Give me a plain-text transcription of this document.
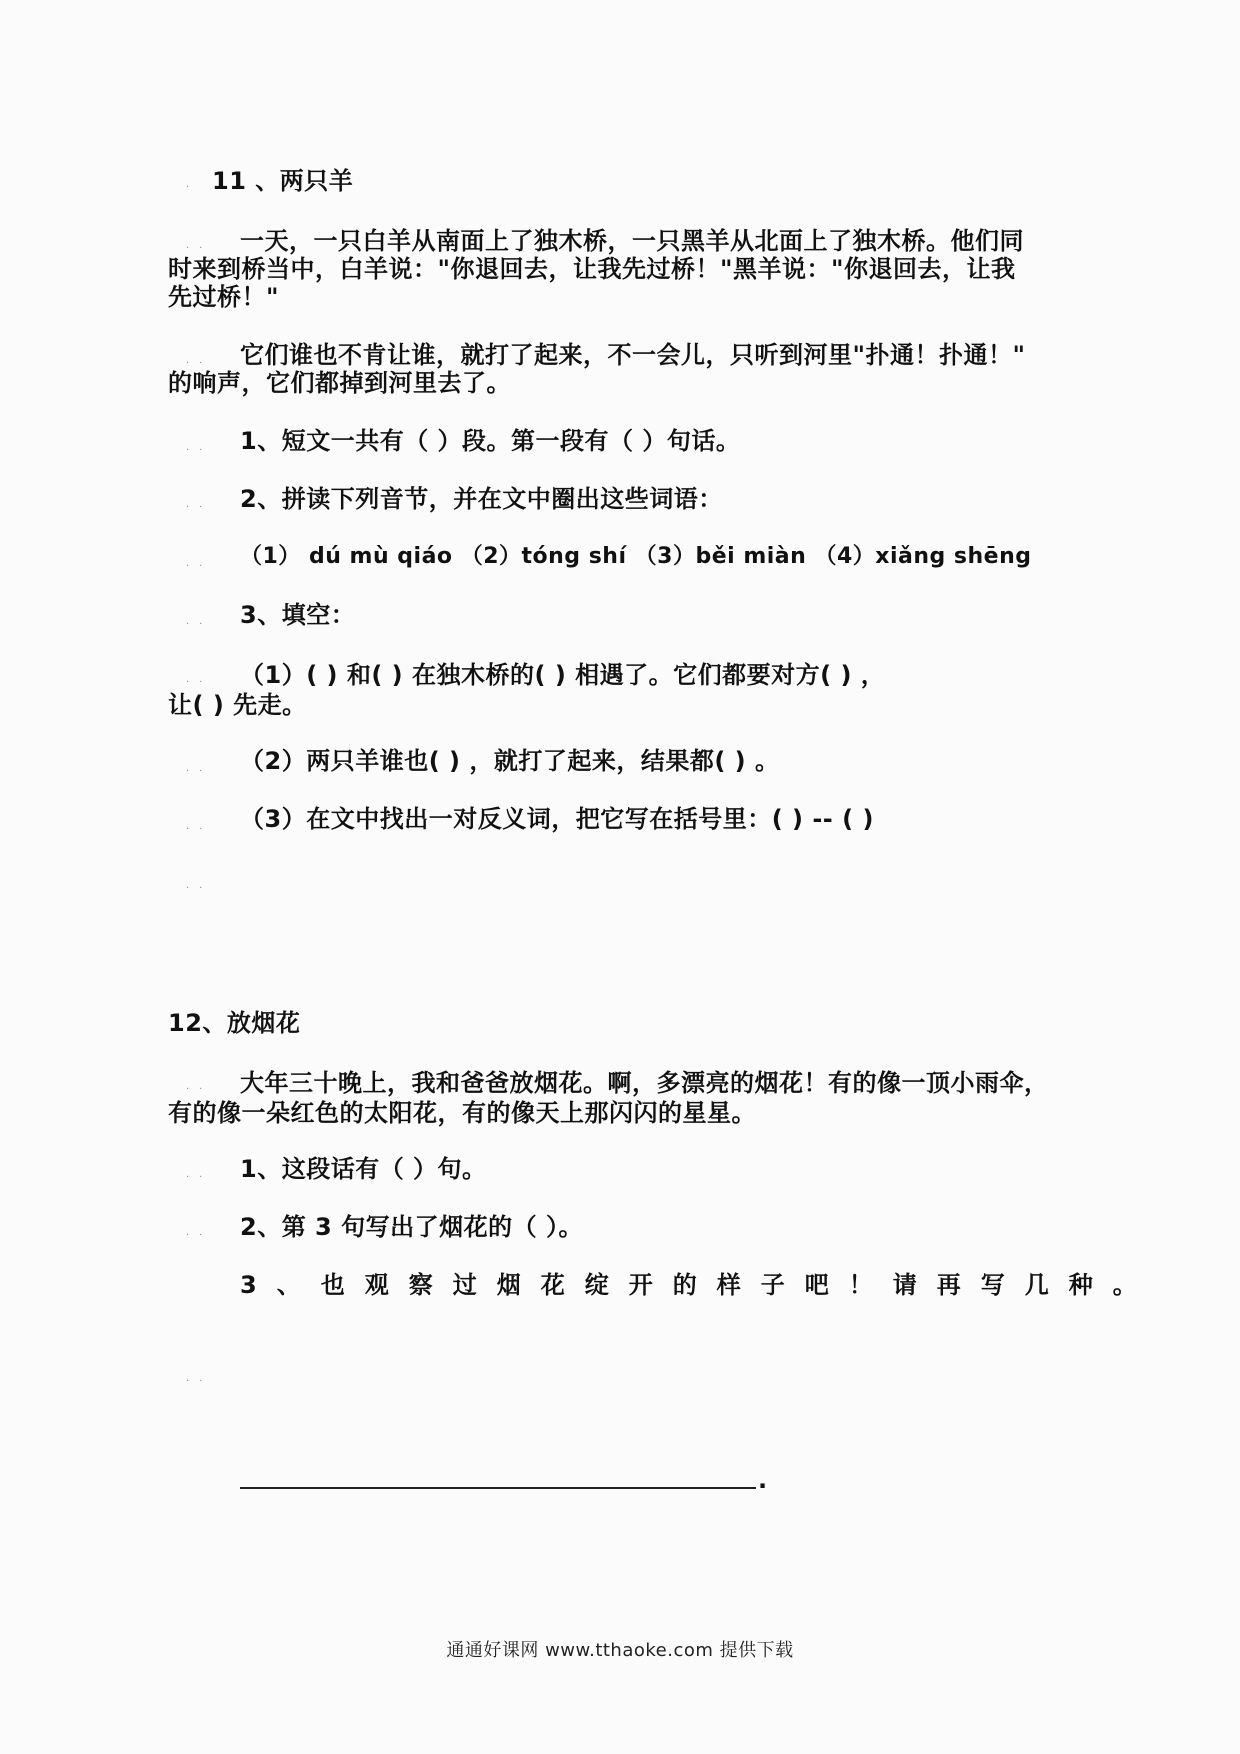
· 11 、两只羊
·· 一天，一只白羊从南面上了独木桥，一只黑羊从北面上了独木桥。他们同
时来到桥当中，白羊说："你退回去，让我先过桥！"黑羊说："你退回去，让我
先过桥！"
·· 它们谁也不肯让谁，就打了起来，不一会儿，只听到河里"扑通！扑通！"
的响声，它们都掉到河里去了。
·· 1、短文一共有（ ）段。第一段有（ ）句话。
·· 2、拼读下列音节，并在文中圈出这些词语：
·· （1） dú mù qiáo （2）tóng shí （3）běi miàn （4）xiǎng shēng
·· 3、填空：
·· （1）( ) 和( ) 在独木桥的( ) 相遇了。它们都要对方( ) ，
让( ) 先走。
·· （2）两只羊谁也( ) ，就打了起来，结果都( ) 。
·· （3）在文中找出一对反义词，把它写在括号里：( ) -- ( )
··
12、放烟花
·· 大年三十晚上，我和爸爸放烟花。啊，多漂亮的烟花！有的像一顶小雨伞，
有的像一朵红色的太阳花，有的像天上那闪闪的星星。
·· 1、这段话有（ ）句。
·· 2、第 3 句写出了烟花的（ ）。
3、也观察过烟花绽开的样子吧！请再写几种。
.
··
通通好课网 www.tthaoke.com 提供下载
